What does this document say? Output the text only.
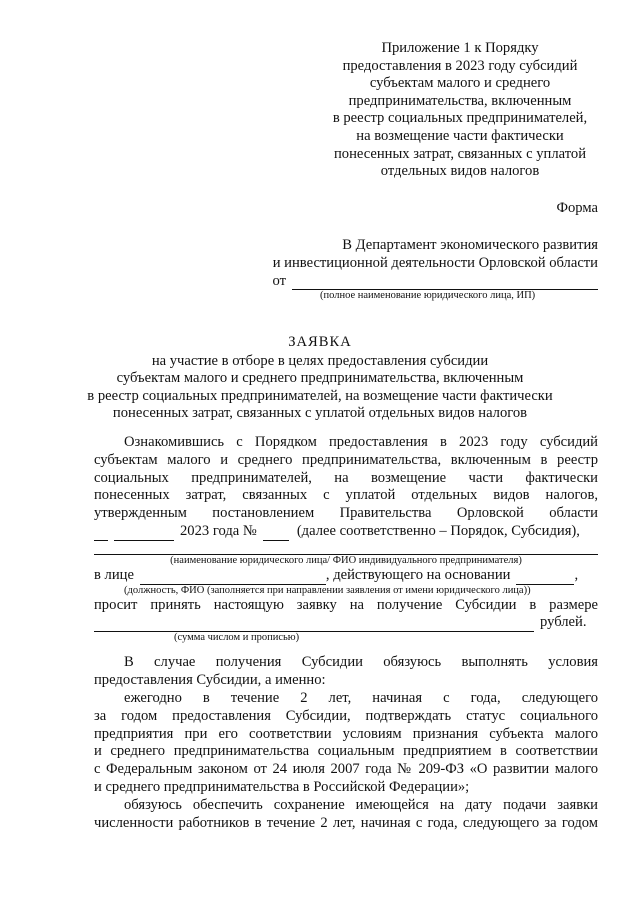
Приложение 1 к Порядку
предоставления в 2023 году субсидий
субъектам малого и среднего
предпринимательства, включенным
в реестр социальных предпринимателей,
на возмещение части фактически
понесенных затрат, связанных с уплатой
отдельных видов налогов
Форма
В Департамент экономического развития
и инвестиционной деятельности Орловской области
от
(полное наименование юридического лица, ИП)
ЗАЯВКА
на участие в отборе в целях предоставления субсидии
субъектам малого и среднего предпринимательства, включенным
в реестр социальных предпринимателей, на возмещение части фактически
понесенных затрат, связанных с уплатой отдельных видов налогов
Ознакомившись с Порядком предоставления в 2023 году субсидий
субъектам малого и среднего предпринимательства, включенным в реестр
социальных предпринимателей, на возмещение части фактически
понесенных затрат, связанных с уплатой отдельных видов налогов,
утвержденным постановлением Правительства Орловской области
2023 года №	(далее соответственно – Порядок, Субсидия),
(наименование юридического лица/ ФИО индивидуального предпринимателя)
в лице	, действующего на основании	,
(должность, ФИО (заполняется при направлении заявления от имени юридического лица))
просит принять настоящую заявку на получение Субсидии в размере
рублей.
(сумма числом и прописью)
В случае получения Субсидии обязуюсь выполнять условия
предоставления Субсидии, а именно:
ежегодно в течение 2 лет, начиная с года, следующего
за годом предоставления Субсидии, подтверждать статус социального
предприятия при его соответствии условиям признания субъекта малого
и среднего предпринимательства социальным предприятием в соответствии
с Федеральным законом от 24 июля 2007 года № 209-ФЗ «О развитии малого
и среднего предпринимательства в Российской Федерации»;
обязуюсь обеспечить сохранение имеющейся на дату подачи заявки
численности работников в течение 2 лет, начиная с года, следующего за годом
